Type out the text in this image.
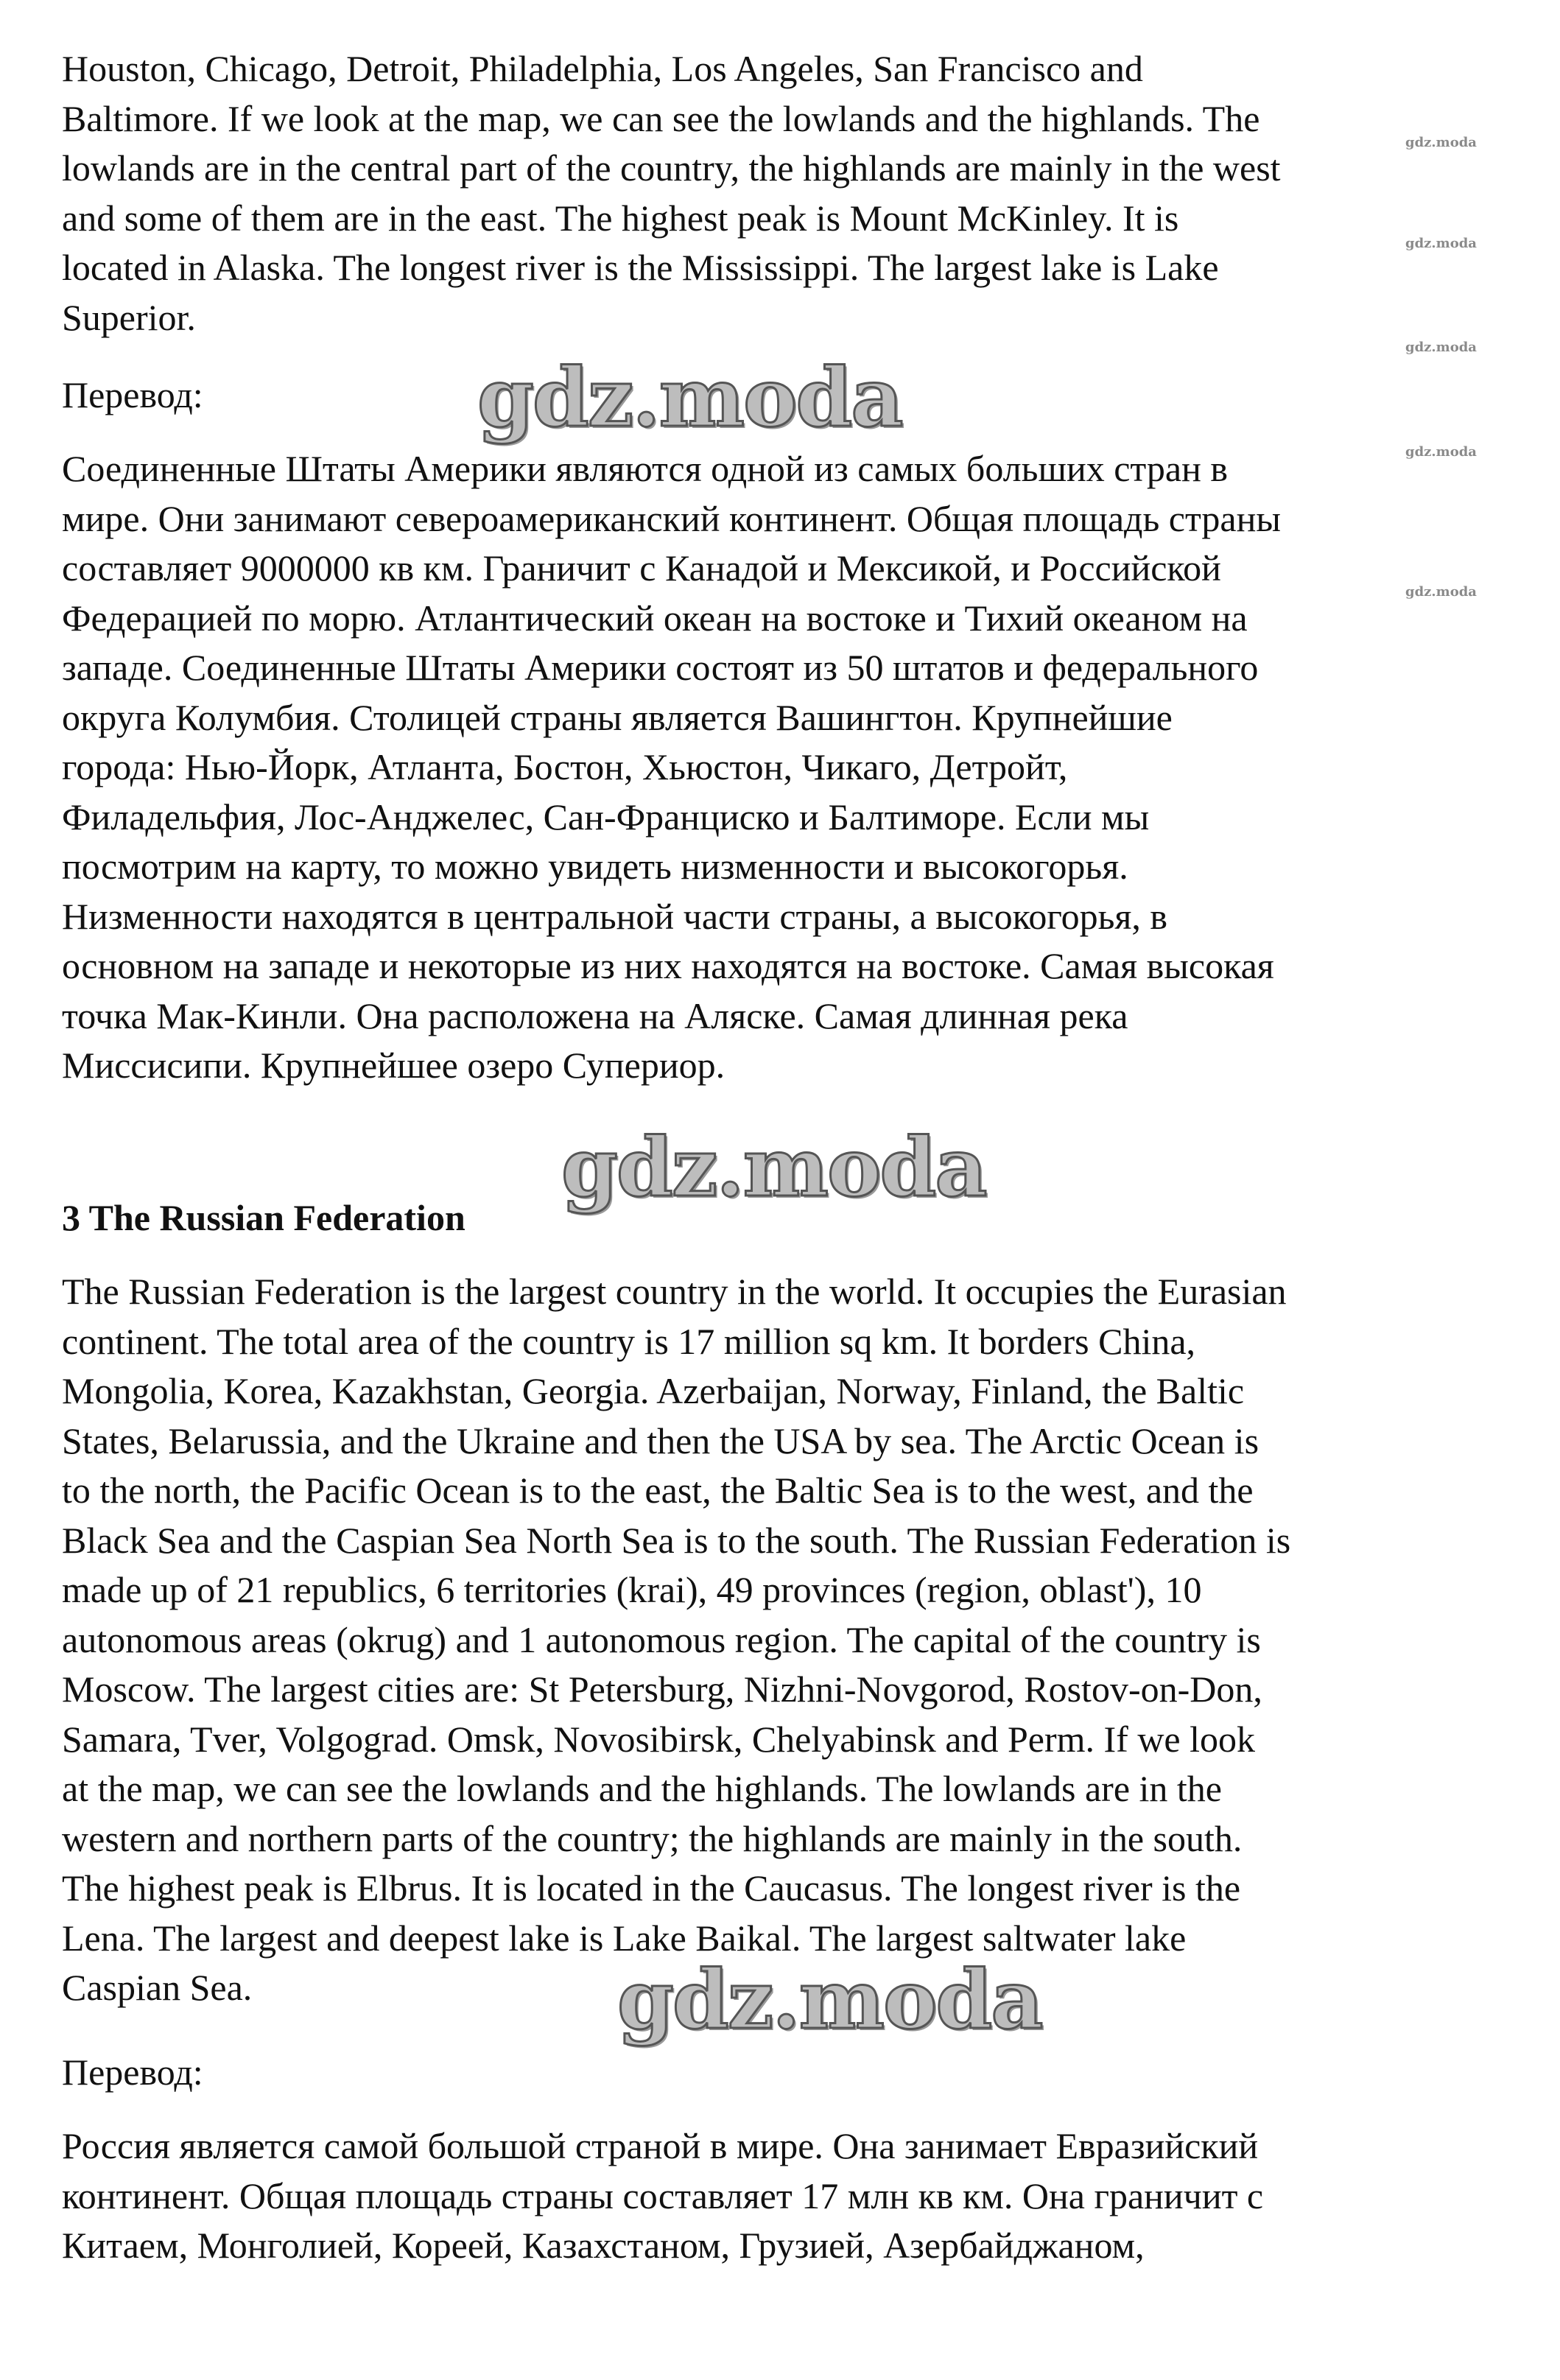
Houston, Chicago, Detroit, Philadelphia, Los Angeles, San Francisco and
Baltimore. If we look at the map, we can see the lowlands and the highlands. The
lowlands are in the central part of the country, the highlands are mainly in the west
and some of them are in the east. The highest peak is Mount McKinley. It is
located in Alaska. The longest river is the Mississippi. The largest lake is Lake
Superior.

Перевод:

Соединенные Штаты Америки являются одной из самых больших стран в
мире. Они занимают североамериканский континент. Общая площадь страны
составляет 9000000 кв км. Граничит с Канадой и Мексикой, и Российской
Федерацией по морю. Атлантический океан на востоке и Тихий океаном на
западе. Соединенные Штаты Америки состоят из 50 штатов и федерального
округа Колумбия. Столицей страны является Вашингтон. Крупнейшие
города: Нью-Йорк, Атланта, Бостон, Хьюстон, Чикаго, Детройт,
Филадельфия, Лос-Анджелес, Сан-Франциско и Балтиморе. Если мы
посмотрим на карту, то можно увидеть низменности и высокогорья.
Низменности находятся в центральной части страны, а высокогорья, в
основном на западе и некоторые из них находятся на востоке. Самая высокая
точка Мак-Кинли. Она расположена на Аляске. Самая длинная река
Миссисипи. Крупнейшее озеро Супериор.

3 The Russian Federation

The Russian Federation is the largest country in the world. It occupies the Eurasian
continent. The total area of the country is 17 million sq km. It borders China,
Mongolia, Korea, Kazakhstan, Georgia. Azerbaijan, Norway, Finland, the Baltic
States, Belarussia, and the Ukraine and then the USA by sea. The Arctic Ocean is
to the north, the Pacific Ocean is to the east, the Baltic Sea is to the west, and the
Black Sea and the Caspian Sea North Sea is to the south. The Russian Federation is
made up of 21 republics, 6 territories (krai), 49 provinces (region, oblast'), 10
autonomous areas (okrug) and 1 autonomous region. The capital of the country is
Moscow. The largest cities are: St Petersburg, Nizhni-Novgorod, Rostov-on-Don,
Samara, Tver, Volgograd. Omsk, Novosibirsk, Chelyabinsk and Perm. If we look
at the map, we can see the lowlands and the highlands. The lowlands are in the
western and northern parts of the country; the highlands are mainly in the south.
The highest peak is Elbrus. It is located in the Caucasus. The longest river is the
Lena. The largest and deepest lake is Lake Baikal. The largest saltwater lake
Caspian Sea.

Перевод:

Россия является самой большой страной в мире. Она занимает Евразийский
континент. Общая площадь страны составляет 17 млн кв км. Она граничит с
Китаем, Монголией, Кореей, Казахстаном, Грузией, Азербайджаном,

gdz.moda
gdz.moda
gdz.moda
gdz.moda
gdz.moda
gdz.moda
gdz.moda
gdz.moda
